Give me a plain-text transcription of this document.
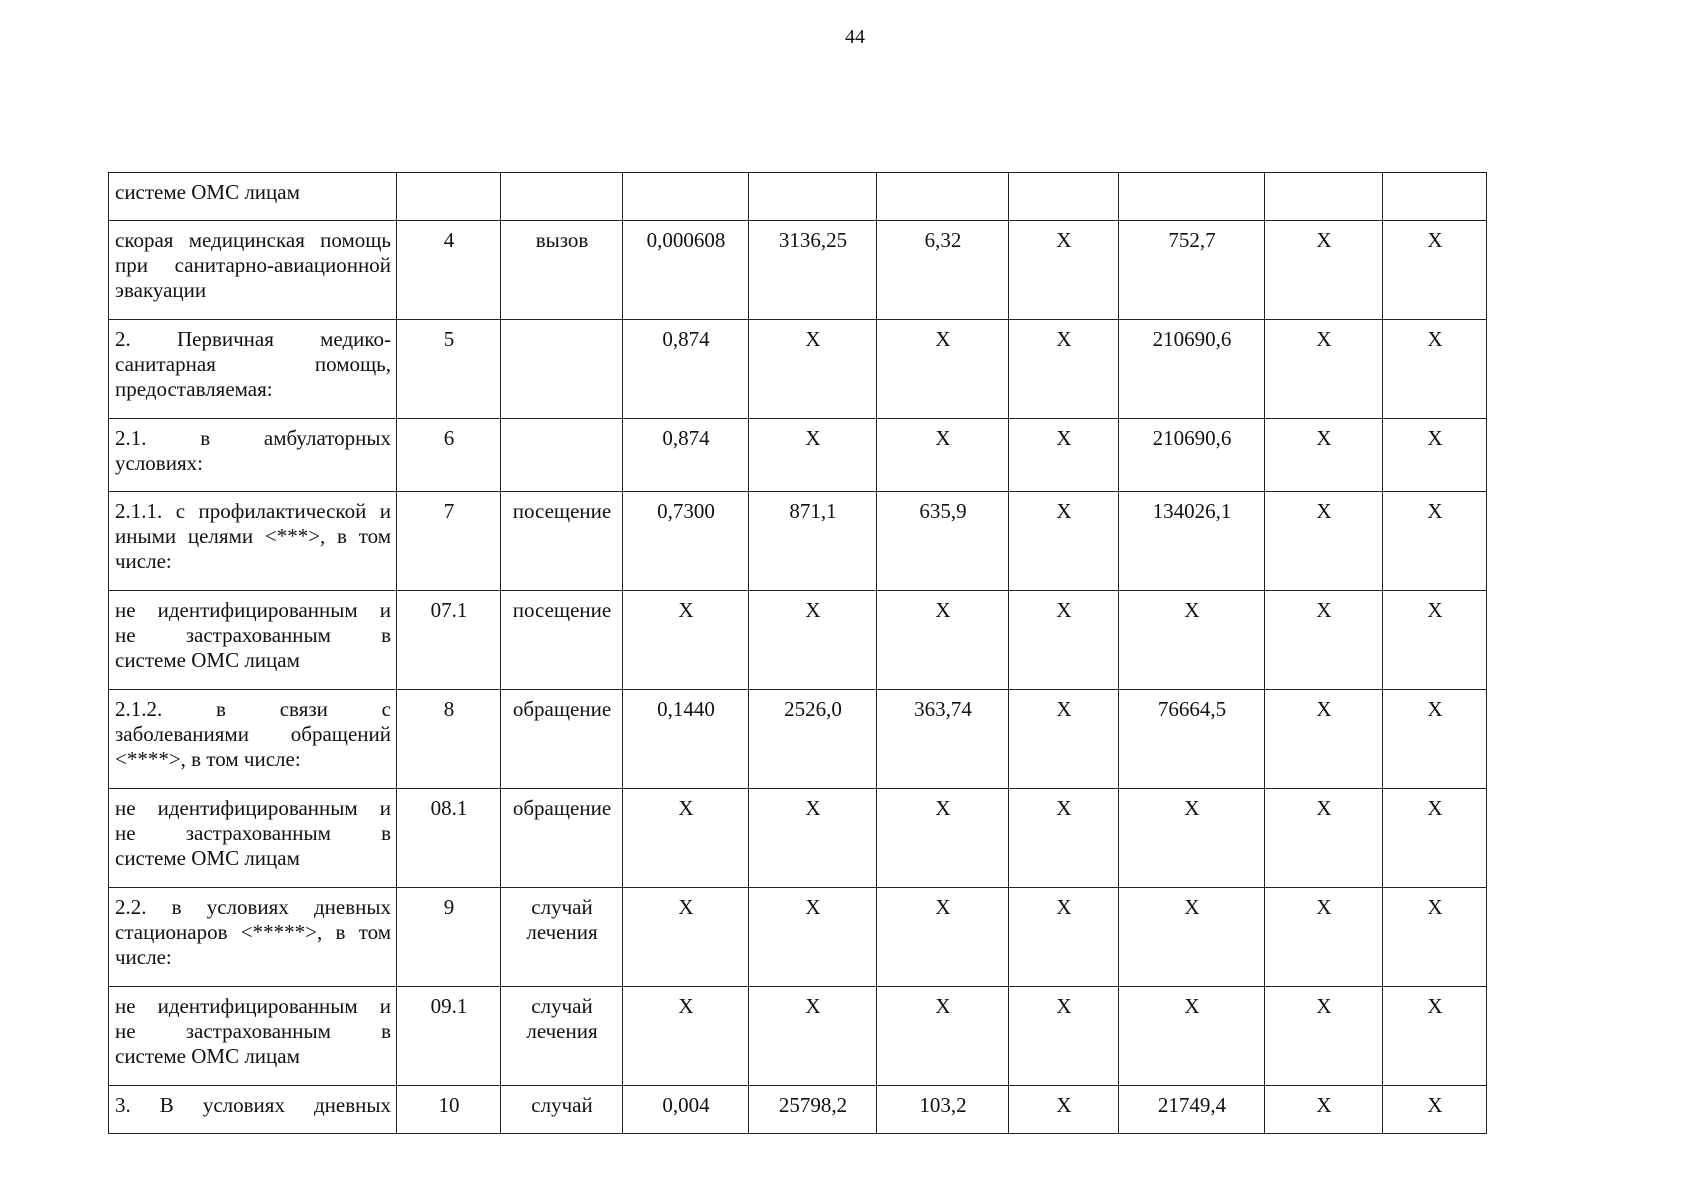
44
системе ОМС лицам									

скорая медицинская помощь
при санитарно-авиационной
эвакуации	4	вызов	0,000608	3136,25	6,32	Х	752,7	Х	Х

2. Первичная медико-
санитарная помощь,
предоставляемая:	5		0,874	Х	Х	Х	210690,6	Х	Х

2.1. в амбулаторных
условиях:	6		0,874	Х	Х	Х	210690,6	Х	Х

2.1.1. с профилактической и
иными целями <***>, в том
числе:	7	посещение	0,7300	871,1	635,9	Х	134026,1	Х	Х

не идентифицированным и
не застрахованным в
системе ОМС лицам	07.1	посещение	Х	Х	Х	Х	Х	Х	Х

2.1.2. в связи с
заболеваниями обращений
<****>, в том числе:	8	обращение	0,1440	2526,0	363,74	Х	76664,5	Х	Х

не идентифицированным и
не застрахованным в
системе ОМС лицам	08.1	обращение	Х	Х	Х	Х	Х	Х	Х

2.2. в условиях дневных
стационаров <*****>, в том
числе:	9	случай лечения	Х	Х	Х	Х	Х	Х	Х

не идентифицированным и
не застрахованным в
системе ОМС лицам	09.1	случай лечения	Х	Х	Х	Х	Х	Х	Х

3. В условиях дневных	10	случай	0,004	25798,2	103,2	Х	21749,4	Х	Х
